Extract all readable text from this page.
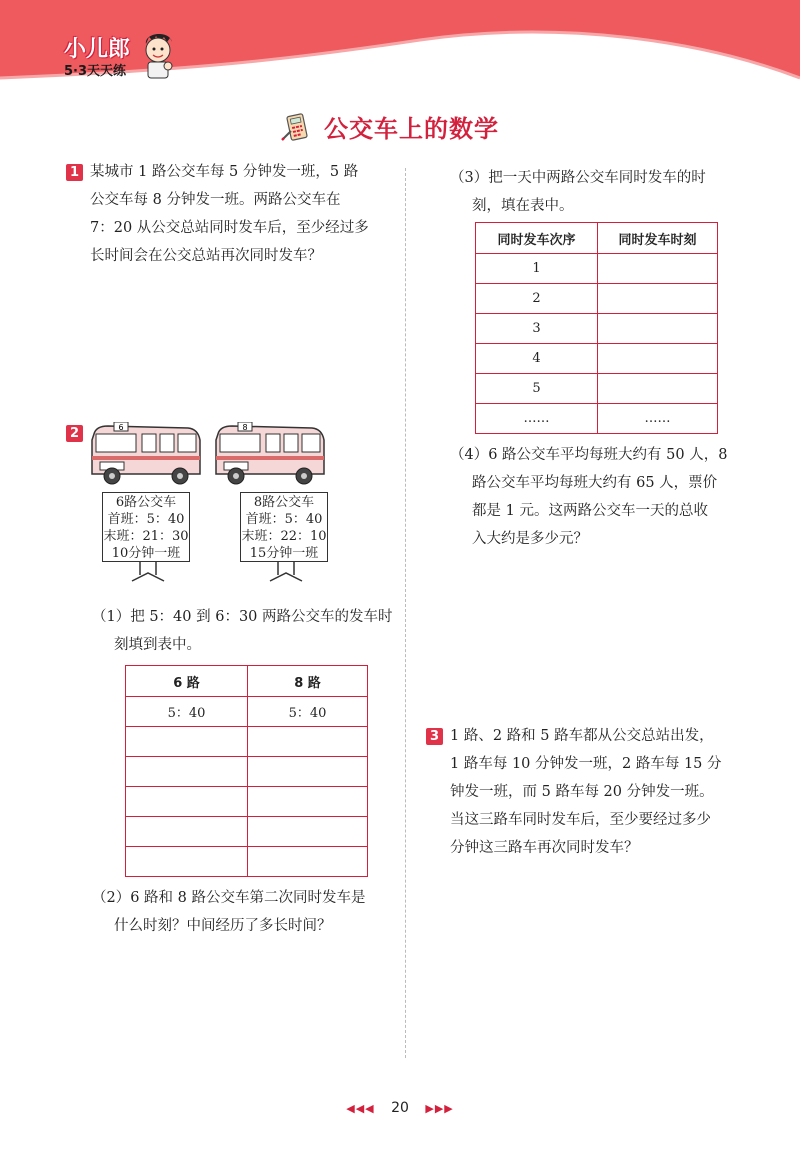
小儿郎
5·3天天练
公交车上的数学
1 某城市 1 路公交车每 5 分钟发一班，5 路
公交车每 8 分钟发一班。两路公交车在
7：20 从公交总站同时发车后，至少经过多
长时间会在公交总站再次同时发车？
2	6	8
6路公交车
首班：5：40
末班：21：30
10分钟一班
8路公交车
首班：5：40
末班：22：10
15分钟一班
（1）把 5：40 到 6：30 两路公交车的发车时
刻填到表中。
6 路	8 路
5：40	5：40

（2）6 路和 8 路公交车第二次同时发车是
什么时刻？中间经历了多长时间？
（3）把一天中两路公交车同时发车的时
刻，填在表中。
同时发车次序	同时发车时刻
1	
2	
3	
4	
5	
……	……
（4）6 路公交车平均每班大约有 50 人，8
路公交车平均每班大约有 65 人，票价
都是 1 元。这两路公交车一天的总收
入大约是多少元？
3 1 路、2 路和 5 路车都从公交总站出发，
1 路车每 10 分钟发一班，2 路车每 15 分
钟发一班，而 5 路车每 20 分钟发一班。
当这三路车同时发车后，至少要经过多少
分钟这三路车再次同时发车？
◀◀◀ 20 ▶▶▶
